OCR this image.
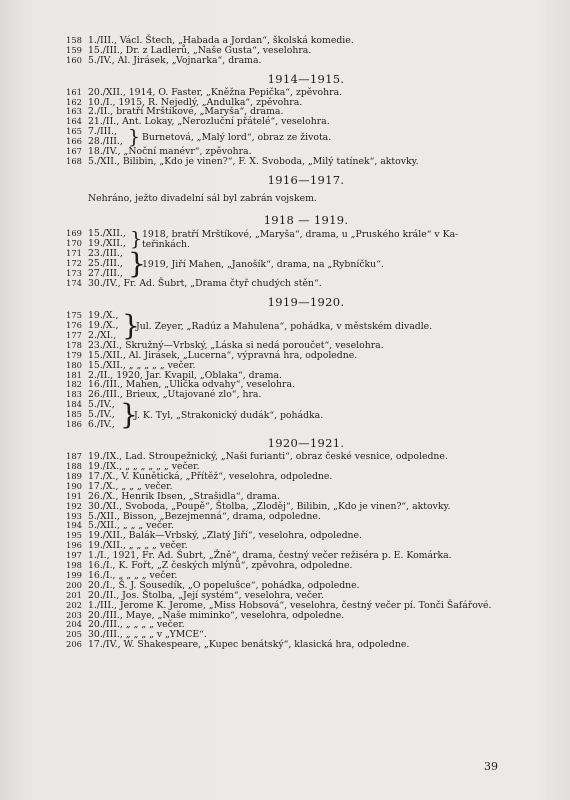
158 1./III., Václ. Štech, „Habada a Jordan“, školská komedie.
159 15./III., Dr. z Ladlerů, „Naše Gusta“, veselohra.
160 5./IV., Al. Jirásek, „Vojnarka“, drama.
1914—1915.
161 20./XII., 1914, O. Faster, „Kněžna Pepička“, zpěvohra.
162 10./I., 1915, R. Nejedlý, „Andulka“, zpěvohra.
163 2./II., bratří Mrštíkové, „Maryša“, drama.
164 21./II., Ant. Lokay, „Nerozluční přátelé“, veselohra.
165 7./III.,
166 28./III., } Burnetová, „Malý lord“, obraz ze života.
167 18./IV., „Noční manévr“, zpěvohra.
168 5./XII., Bilibin, „Kdo je vinen?“, F. X. Svoboda, „Milý tatínek“, aktovky.
1916—1917.
Nehráno, ježto divadelní sál byl zabrán vojskem.
1918 — 1919.
169 15./XII.,
170 19./XII., } 1918, bratří Mrštíkové, „Maryša“, drama, u „Pruského krále“ v Ka-
teřinkách.
171 23./III.,
172 25./III.,
173 27./III., }
1919, Jiří Mahen, „Janošík“, drama, na „Rybníčku“.
174 30./IV., Fr. Ad. Šubrt, „Drama čtyř chudých stěn“.
1919—1920.
175 19./X.,
176 19./X.,
177 2./XI., }
Jul. Zeyer, „Radúz a Mahulena“, pohádka, v městském divadle.
178 23./XI., Skružný—Vrbský, „Láska si nedá poroučet“, veselohra.
179 15./XII., Al. Jirásek, „Lucerna“, výpravná hra, odpoledne.
180 15./XII., „ „ „ „ „ večer.
181 2./II., 1920, Jar. Kvapil, „Oblaka“, drama.
182 16./III., Mahen, „Ulička odvahy“, veselohra.
183 26./III., Brieux, „Utajované zlo“, hra.
184 5./IV.,
185 5./IV.,
186 6./IV., }
J. K. Tyl, „Strakonický dudák“, pohádka.
1920—1921.
187 19./IX., Lad. Stroupežnický, „Naši furianti“, obraz české vesnice, odpoledne.
188 19./IX., „ „ „ „ „ „ večer.
189 17./X., V. Kunětická, „Přítěž“, veselohra, odpoledne.
190 17./X., „ „ „ večer.
191 26./X., Henrik Ibsen, „Strašidla“, drama.
192 30./XI., Svoboda, „Poupě“, Štolba, „Zloděj“, Bilibin, „Kdo je vinen?“, aktovky.
193 5./XII., Bisson, „Bezejmenná“, drama, odpoledne.
194 5./XII., „ „ „ večer.
195 19./XII., Balák—Vrbský, „Zlatý Jiří“, veselohra, odpoledne.
196 19./XII., „ „ „ „ večer.
197 1./I., 1921, Fr. Ad. Šubrt, „Žně“, drama, čestný večer režiséra p. E. Komárka.
198 16./I., K. Fořt, „Z českých mlýnů“, zpěvohra, odpoledne.
199 16./I., „ „ „ „ večer.
200 20./I., Š. J. Sousedík, „O popelušce“, pohádka, odpoledne.
201 20./II., Jos. Štolba, „Její systém“, veselohra, večer.
202 1./III., Jerome K. Jerome, „Miss Hobsová“, veselohra, čestný večer pí. Tonči Šafářové.
203 20./III., Maye, „Naše miminko“, veselohra, odpoledne.
204 20./III., „ „ „ „ večer.
205 30./III., „ „ „ „ v „YMCE“.
206 17./IV., W. Shakespeare, „Kupec benátský“, klasická hra, odpoledne.
39
